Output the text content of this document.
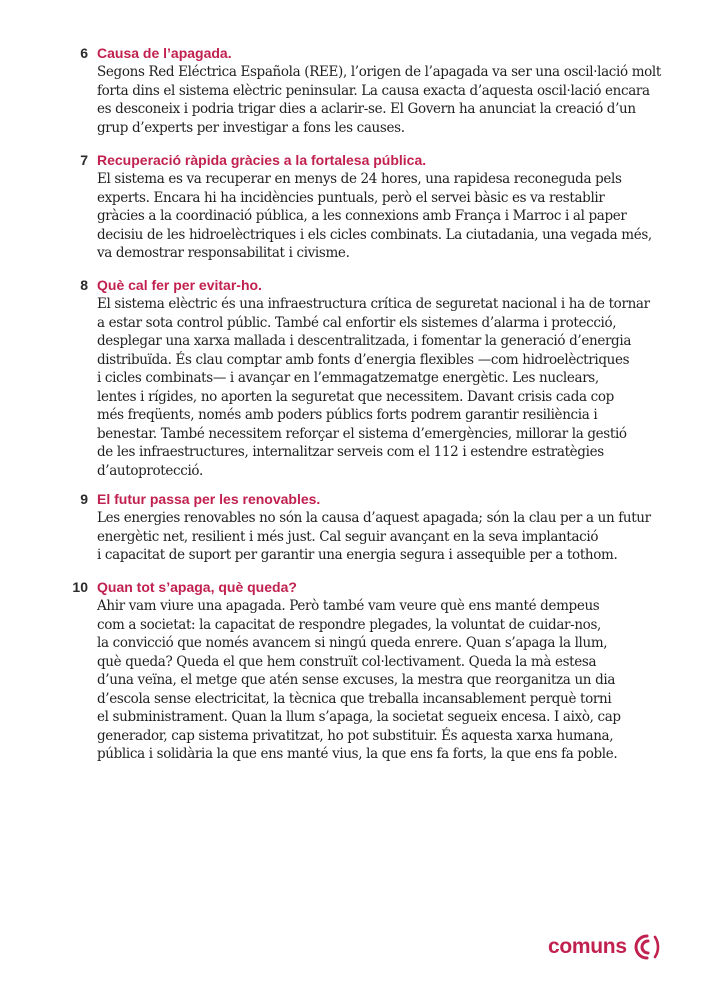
6 Causa de l’apagada.

Segons Red Eléctrica Española (REE), l’origen de l’apagada va ser una oscil·lació molt
forta dins el sistema elèctric peninsular. La causa exacta d’aquesta oscil·lació encara
es desconeix i podria trigar dies a aclarir-se. El Govern ha anunciat la creació d’un
grup d’experts per investigar a fons les causes.

7 Recuperació ràpida gràcies a la fortalesa pública.

El sistema es va recuperar en menys de 24 hores, una rapidesa reconeguda pels
experts. Encara hi ha incidències puntuals, però el servei bàsic es va restablir
gràcies a la coordinació pública, a les connexions amb França i Marroc i al paper
decisiu de les hidroelèctriques i els cicles combinats. La ciutadania, una vegada més,
va demostrar responsabilitat i civisme.

8 Què cal fer per evitar-ho.

El sistema elèctric és una infraestructura crítica de seguretat nacional i ha de tornar
a estar sota control públic. També cal enfortir els sistemes d’alarma i protecció,
desplegar una xarxa mallada i descentralitzada, i fomentar la generació d’energia
distribuïda. És clau comptar amb fonts d’energia flexibles —com hidroelèctriques
i cicles combinats— i avançar en l’emmagatzematge energètic. Les nuclears,
lentes i rígides, no aporten la seguretat que necessitem. Davant crisis cada cop
més freqüents, només amb poders públics forts podrem garantir resiliència i
benestar. També necessitem reforçar el sistema d’emergències, millorar la gestió
de les infraestructures, internalitzar serveis com el 112 i estendre estratègies
d’autoprotecció.

9 El futur passa per les renovables.

Les energies renovables no són la causa d’aquest apagada; són la clau per a un futur
energètic net, resilient i més just. Cal seguir avançant en la seva implantació
i capacitat de suport per garantir una energia segura i assequible per a tothom.

10 Quan tot s’apaga, què queda?

Ahir vam viure una apagada. Però també vam veure què ens manté dempeus
com a societat: la capacitat de respondre plegades, la voluntat de cuidar-nos,
la convicció que només avancem si ningú queda enrere. Quan s’apaga la llum,
què queda? Queda el que hem construït col·lectivament. Queda la mà estesa
d’una veïna, el metge que atén sense excuses, la mestra que reorganitza un dia
d’escola sense electricitat, la tècnica que treballa incansablement perquè torni
el subministrament. Quan la llum s’apaga, la societat segueix encesa. I això, cap
generador, cap sistema privatitzat, ho pot substituir. És aquesta xarxa humana,
pública i solidària la que ens manté vius, la que ens fa forts, la que ens fa poble.

comuns
